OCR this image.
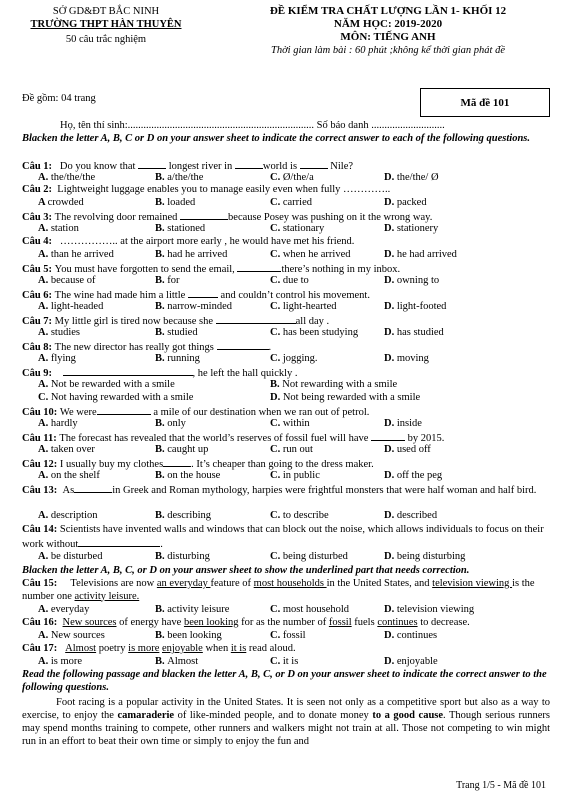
SỞ GD&ĐT BẮC NINH
TRƯỜNG THPT HÀN THUYÊN
50 câu trắc nghiệm
ĐỀ KIỂM TRA CHẤT LƯỢNG LẦN 1- KHỐI 12
NĂM HỌC: 2019-2020
MÔN: TIẾNG ANH
Thời gian làm bài : 60 phút ;không kể thời gian phát đề
Đề gồm: 04 trang	Mã đề 101
Họ, tên thí sinh:....................................................................... Số báo danh ............................
Blacken the letter A, B, C or D on your answer sheet to indicate the correct answer to each of the following questions.
Câu 1: Do you know that	longest river in	world is	Nile?
A. the/the/the	B. a/the/the	C. Ø/the/a	D. the/the/ Ø
Câu 2: Lightweight luggage enables you to manage easily even when fully …………..
A crowded	B. loaded	C. carried	D. packed
Câu 3: The revolving door remained	because Posey was pushing on it the wrong way.
A. station	B. stationed	C. stationary	D. stationery
Câu 4: …………….. at the airport more early , he would have met his friend.
A. than he arrived	B. had he arrived	C. when he arrived	D. he had arrived
Câu 5: You must have forgotten to send the email,	there’s nothing in my inbox.
A. because of	B. for	C. due to	D. owning to
Câu 6: The wine had made him a little	and couldn’t control his movement.
A. light-headed	B. narrow-minded	C. light-hearted	D. light-footed
Câu 7: My little girl is tired now because she	all day .
A. studies	B. studied	C. has been studying D. has studied
Câu 8: The new director has really got things	.
A. flying	B. running	C. jogging.	D. moving
Câu 9:	, he left the hall quickly .
A. Not be rewarded with a smile	B. Not rewarding with a smile
C. Not having rewarded with a smile	D. Not being rewarded with a smile
Câu 10: We were	a mile of our destination when we ran out of petrol.
A. hardly	B. only	C. within	D. inside
Câu 11: The forecast has revealed that the world’s reserves of fossil fuel will have	by 2015.
A. taken over	B. caught up	C. run out	D. used off
Câu 12: I usually buy my clothes	. It’s cheaper than going to the dress maker.
A. on the shelf	B. on the house	C. in public	D. off the peg
Câu 13: As	in Greek and Roman mythology, harpies were frightful monsters that were half woman and half bird.
A. description	B. describing	C. to describe	D. described
Câu 14: Scientists have invented walls and windows that can block out the noise, which allows individuals to focus on their work without	.
A. be disturbed	B. disturbing	C. being disturbed	D. being disturbing
Blacken the letter A, B, C, or D on your answer sheet to show the underlined part that needs correction.
Câu 15: Televisions are now an everyday feature of most households in the United States, and television viewing is the number one activity leisure.
A. everyday	B. activity leisure	C. most household	D. television viewing
Câu 16: New sources of energy have been looking for as the number of fossil fuels continues to decrease.
A. New sources	B. been looking	C. fossil	D. continues
Câu 17: Almost poetry is more enjoyable when it is read aloud.
A. is more	B. Almost	C. it is	D. enjoyable
Read the following passage and blacken the letter A, B, C, or D on your answer sheet to indicate the correct answer to the following questions.
Foot racing is a popular activity in the United States. It is seen not only as a competitive sport but also as a way to exercise, to enjoy the camaraderie of like-minded people, and to donate money to a good cause. Though serious runners may spend months training to compete, other runners and walkers might not train at all. Those not competing to win might run in an effort to beat their own time or simply to enjoy the fun and
Trang 1/5 - Mã đề 101
